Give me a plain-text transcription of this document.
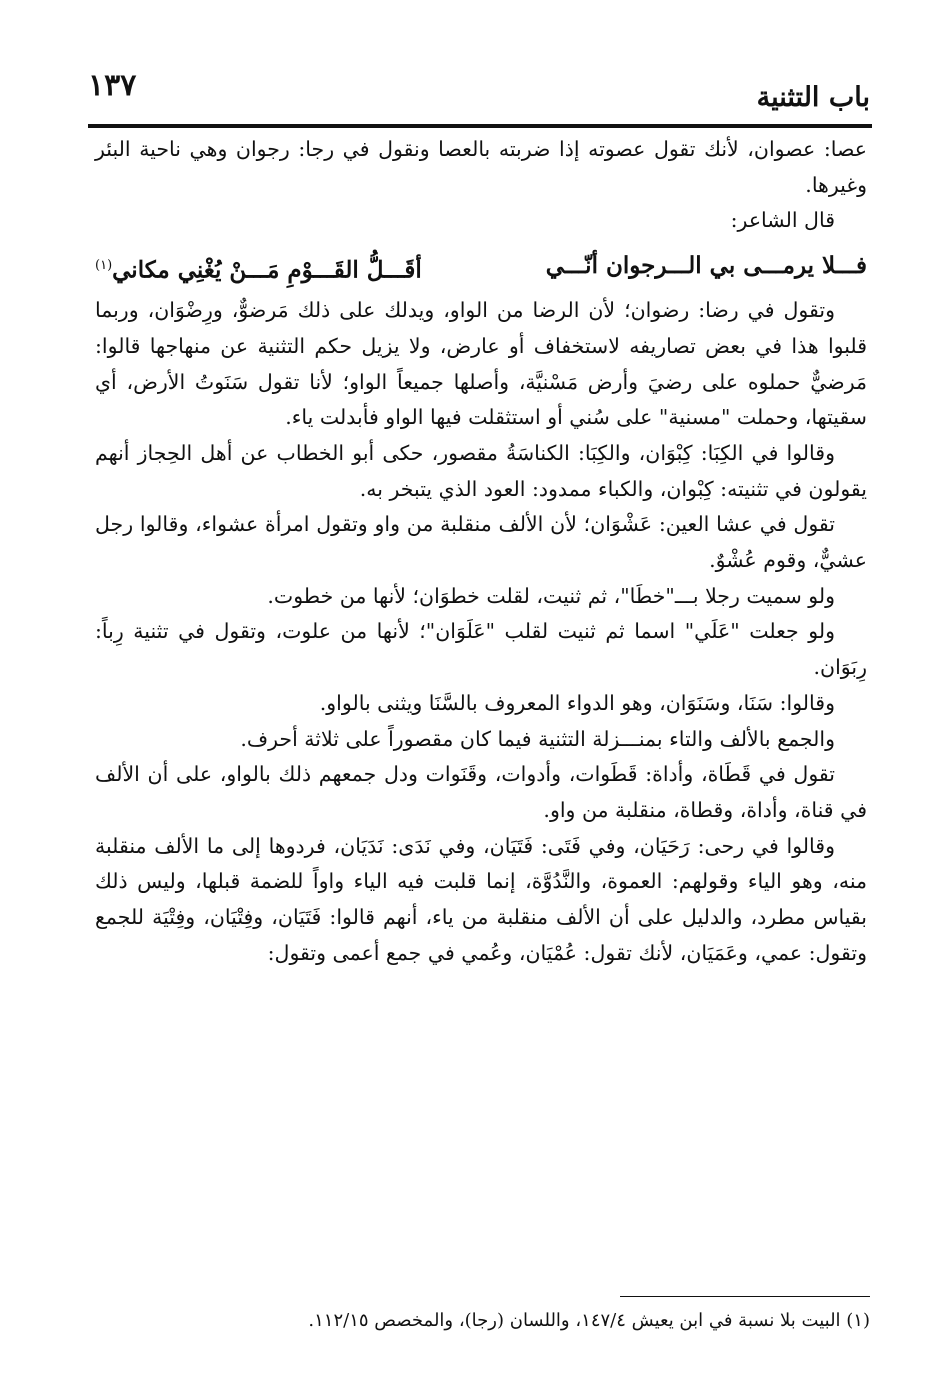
باب التثنية
١٣٧

عصا: عصوان، لأنك تقول عصوته إذا ضربته بالعصا ونقول في رجا: رجوان وهي ناحية البئر وغيرها.

قال الشاعر:

فـــلا يرمـــى بي الـــرجوان أنّـــي
أقَـــلُّ القَـــوْمِ مَـــنْ يُغْنِي مكاني$^{(١)}$

وتقول في رضا: رضوان؛ لأن الرضا من الواو، ويدلك على ذلك مَرضوٌّ، ورِضْوَان، وربما قلبوا هذا في بعض تصاريفه لاستخفاف أو عارض، ولا يزيل حكم التثنية عن منهاجها قالوا: مَرضيٌّ حملوه على رضيَ وأرض مَسْنيَّة، وأصلها جميعاً الواو؛ لأنا تقول سَنَوتُ الأرض، أي سقيتها، وحملت "مسنية" على سُني أو استثقلت فيها الواو فأبدلت ياء.

وقالوا في الكِبَا: كِبْوَان، والكِبَا: الكناسَةُ مقصور، حكى أبو الخطاب عن أهل الحِجاز أنهم يقولون في تثنيته: كِبْوان، والكباء ممدود: العود الذي يتبخر به.

تقول في عشا العين: عَشْوَان؛ لأن الألف منقلبة من واو وتقول امرأة عشواء، وقالوا رجل عشيٌّ، وقوم عُشْوٌ.

ولو سميت رجلا بـــ"خطَا"، ثم ثنيت، لقلت خطوَان؛ لأنها من خطوت.

ولو جعلت "عَلَي" اسما ثم ثنيت لقلب "عَلَوَان"؛ لأنها من علوت، وتقول في تثنية رِباً: رِبَوَان.

وقالوا: سَنَا، وسَنَوَان، وهو الدواء المعروف بالسَّنَا ويثنى بالواو.

والجمع بالألف والتاء بمنـــزلة التثنية فيما كان مقصوراً على ثلاثة أحرف.

تقول في قَطَاة، وأداة: قَطَوات، وأدوات، وقَنَوات ودل جمعهم ذلك بالواو، على أن الألف في قناة، وأداة، وقطاة، منقلبة من واو.

وقالوا في رحى: رَحَيَان، وفي فَتَى: فَتَيَان، وفي نَدَى: نَدَيَان، فردوها إلى ما الألف منقلبة منه، وهو الياء وقولهم: العموة، والنَّدُوَّة، إنما قلبت فيه الياء واواً للضمة قبلها، وليس ذلك بقياس مطرد، والدليل على أن الألف منقلبة من ياء، أنهم قالوا: فَتَيَان، وفِتْيَان، وفِتْيَة للجمع وتقول: عمي، وعَمَيَان، لأنك تقول: عُمْيَان، وعُمي في جمع أعمى وتقول:

(١) البيت بلا نسبة في ابن يعيش ١٤٧/٤، واللسان (رجا)، والمخصص ١١٢/١٥.
